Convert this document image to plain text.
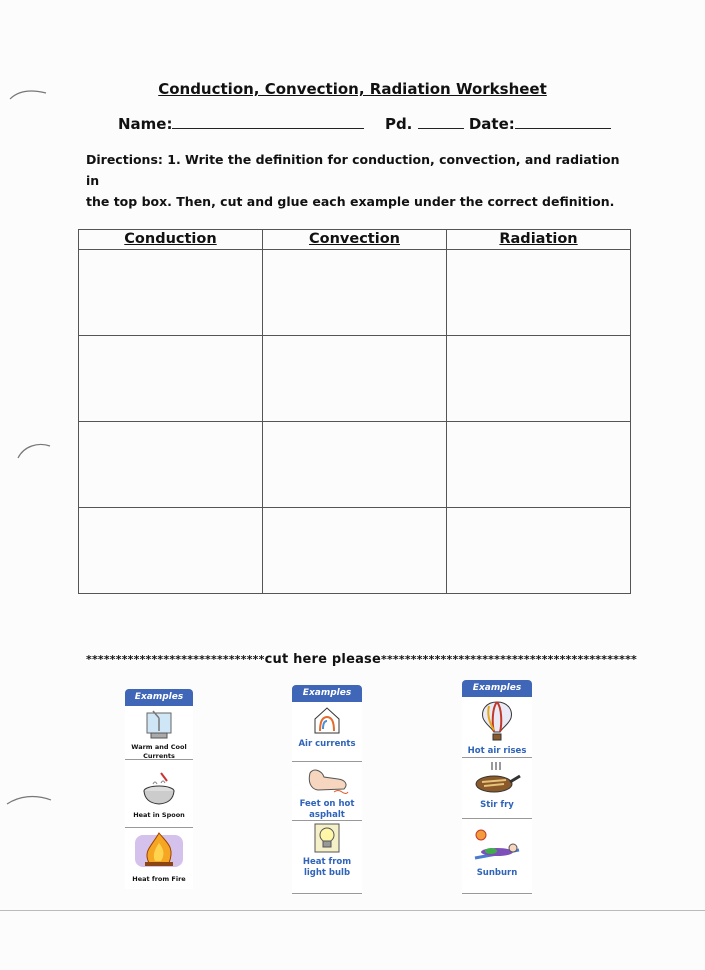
Conduction, Convection, Radiation Worksheet
Name:	Pd.	Date:
Directions: 1. Write the definition for conduction, convection, and radiation in
the top box. Then, cut and glue each example under the correct definition.
Conduction	Convection	Radiation

******************************cut here please*******************************************
Examples
Warm and Cool
Currents
Heat in Spoon
Heat from Fire
Examples
Air currents
Feet on hot
asphalt
Heat from
light bulb
Examples
Hot air rises
Stir fry
Sunburn
